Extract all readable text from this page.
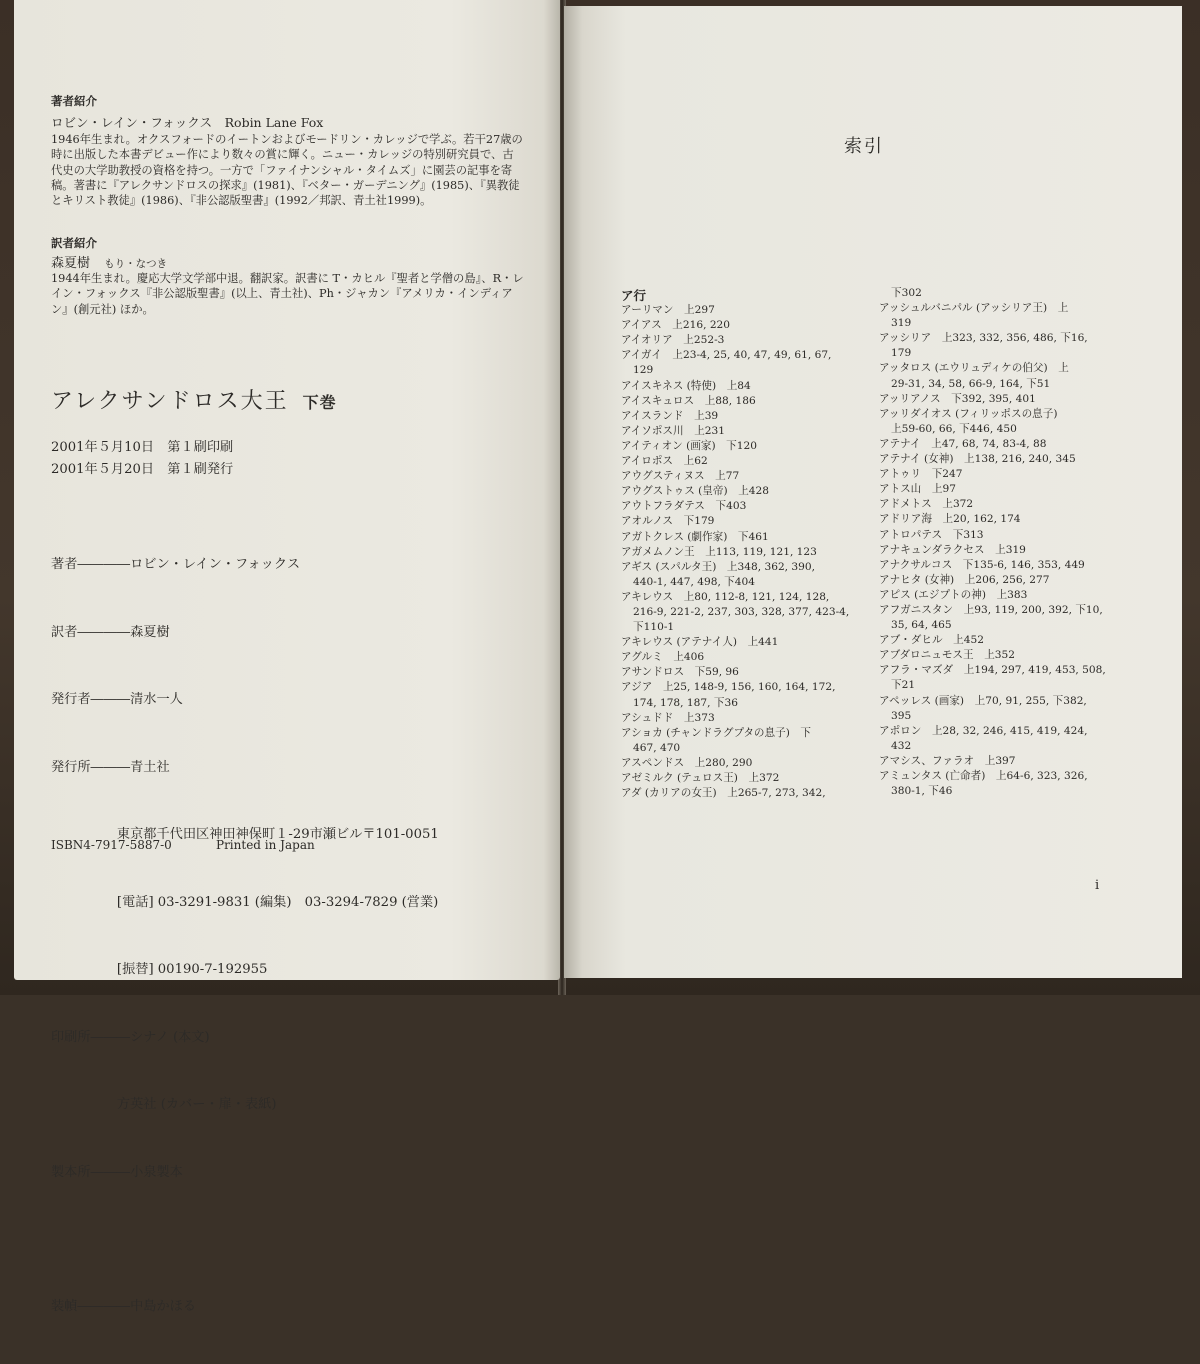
著者紹介
ロビン・レイン・フォックス　Robin Lane Fox
1946年生まれ。オクスフォードのイートンおよびモードリン・カレッジで学ぶ。若干27歳の
時に出版した本書デビュー作により数々の賞に輝く。ニュー・カレッジの特別研究員で、古
代史の大学助教授の資格を持つ。一方で「ファイナンシャル・タイムズ」に園芸の記事を寄
稿。著書に『アレクサンドロスの探求』(1981)、『ベター・ガーデニング』(1985)、『異教徒
とキリスト教徒』(1986)、『非公認版聖書』(1992／邦訳、青土社1999)。
訳者紹介
森夏樹 もり・なつき
1944年生まれ。慶応大学文学部中退。翻訳家。訳書に T・カヒル『聖者と学僧の島』、R・レ
イン・フォックス『非公認版聖書』(以上、青土社)、Ph・ジャカン『アメリカ・インディア
ン』(創元社) ほか。
アレクサンドロス大王 下巻
2001年５月10日　第１刷印刷
2001年５月20日　第１刷発行

著者――――ロビン・レイン・フォックス

訳者――――森夏樹

発行者―――清水一人

発行所―――青土社

　　　　　東京都千代田区神田神保町１-29市瀬ビル〒101-0051

　　　　　[電話] 03-3291-9831 (編集)　03-3294-7829 (営業)

　　　　　[振替] 00190-7-192955

印刷所―――シナノ (本文)

　　　　　方英社 (カバー・扉・表紙)

製本所―――小泉製本

装幀――――中島かほる

ISBN4-7917-5887-0	Printed in Japan
索引
ア行
アーリマン　上297
アイアス　上216, 220
アイオリア　上252-3
アイガイ　上23-4, 25, 40, 47, 49, 61, 67,
129
アイスキネス (特使)　上84
アイスキュロス　上88, 186
アイスランド　上39
アイソポス川　上231
アイティオン (画家)　下120
アイロポス　上62
アウグスティヌス　上77
アウグストゥス (皇帝)　上428
アウトフラダテス　下403
アオルノス　下179
アガトクレス (劇作家)　下461
アガメムノン王　上113, 119, 121, 123
アギス (スパルタ王)　上348, 362, 390,
440-1, 447, 498, 下404
アキレウス　上80, 112-8, 121, 124, 128,
216-9, 221-2, 237, 303, 328, 377, 423-4,
下110-1
アキレウス (アテナイ人)　上441
アグルミ　上406
アサンドロス　下59, 96
アジア　上25, 148-9, 156, 160, 164, 172,
174, 178, 187, 下36
アシュドド　上373
アショカ (チャンドラグプタの息子)　下
467, 470
アスペンドス　上280, 290
アゼミルク (テュロス王)　上372
アダ (カリアの女王)　上265-7, 273, 342,
下302
アッシュルバニパル (アッシリア王)　上
319
アッシリア　上323, 332, 356, 486, 下16,
179
アッタロス (エウリュディケの伯父)　上
29-31, 34, 58, 66-9, 164, 下51
アッリアノス　下392, 395, 401
アッリダイオス (フィリッポスの息子)
上59-60, 66, 下446, 450
アテナイ　上47, 68, 74, 83-4, 88
アテナイ (女神)　上138, 216, 240, 345
アトゥリ　下247
アトス山　上97
アドメトス　上372
アドリア海　上20, 162, 174
アトロパテス　下313
アナキュンダラクセス　上319
アナクサルコス　下135-6, 146, 353, 449
アナヒタ (女神)　上206, 256, 277
アピス (エジプトの神)　上383
アフガニスタン　上93, 119, 200, 392, 下10,
35, 64, 465
アブ・ダヒル　上452
アブダロニュモス王　上352
アフラ・マズダ　上194, 297, 419, 453, 508,
下21
アペッレス (画家)　上70, 91, 255, 下382,
395
アポロン　上28, 32, 246, 415, 419, 424,
432
アマシス、ファラオ　上397
アミュンタス (亡命者)　上64-6, 323, 326,
380-1, 下46
i
